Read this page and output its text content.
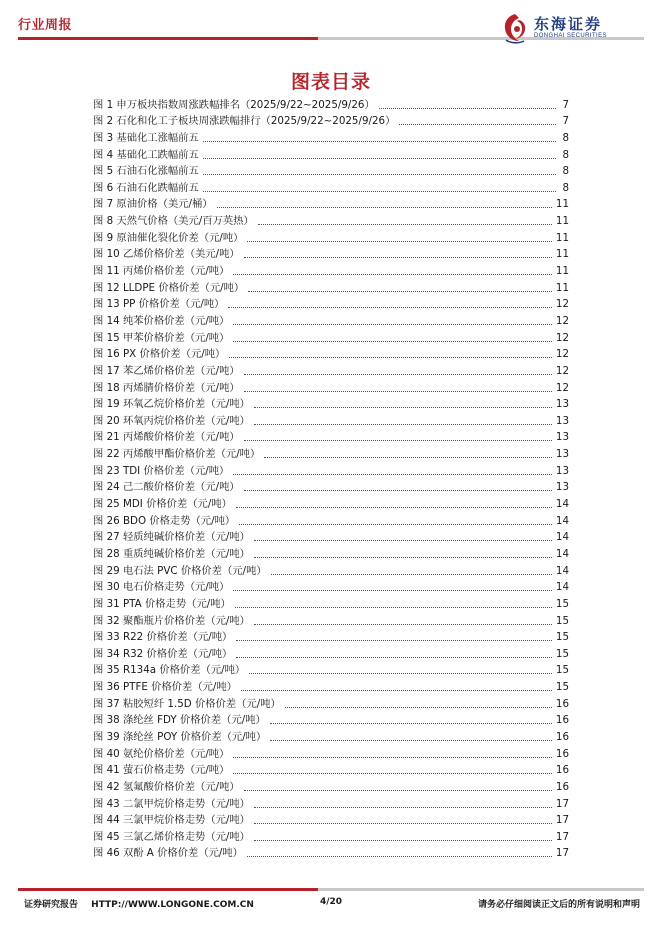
行业周报	东海证券
DONGHAI SECURITIES
图表目录
图 1 申万板块指数周涨跌幅排名（2025/9/22~2025/9/26）	7
图 2 石化和化工子板块周涨跌幅排行（2025/9/22~2025/9/26）	7
图 3 基础化工涨幅前五	8
图 4 基础化工跌幅前五	8
图 5 石油石化涨幅前五	8
图 6 石油石化跌幅前五	8
图 7 原油价格（美元/桶）	11
图 8 天然气价格（美元/百万英热）	11
图 9 原油催化裂化价差（元/吨）	11
图 10 乙烯价格价差（美元/吨）	11
图 11 丙烯价格价差（元/吨）	11
图 12 LLDPE 价格价差（元/吨）	11
图 13 PP 价格价差（元/吨）	12
图 14 纯苯价格价差（元/吨）	12
图 15 甲苯价格价差（元/吨）	12
图 16 PX 价格价差（元/吨）	12
图 17 苯乙烯价格价差（元/吨）	12
图 18 丙烯腈价格价差（元/吨）	12
图 19 环氧乙烷价格价差（元/吨）	13
图 20 环氧丙烷价格价差（元/吨）	13
图 21 丙烯酸价格价差（元/吨）	13
图 22 丙烯酸甲酯价格价差（元/吨）	13
图 23 TDI 价格价差（元/吨）	13
图 24 己二酸价格价差（元/吨）	13
图 25 MDI 价格价差（元/吨）	14
图 26 BDO 价格走势（元/吨）	14
图 27 轻质纯碱价格价差（元/吨）	14
图 28 重质纯碱价格价差（元/吨）	14
图 29 电石法 PVC 价格价差（元/吨）	14
图 30 电石价格走势（元/吨）	14
图 31 PTA 价格走势（元/吨）	15
图 32 聚酯瓶片价格价差（元/吨）	15
图 33 R22 价格价差（元/吨）	15
图 34 R32 价格价差（元/吨）	15
图 35 R134a 价格价差（元/吨）	15
图 36 PTFE 价格价差（元/吨）	15
图 37 粘胶短纤 1.5D 价格价差（元/吨）	16
图 38 涤纶丝 FDY 价格价差（元/吨）	16
图 39 涤纶丝 POY 价格价差（元/吨）	16
图 40 氨纶价格价差（元/吨）	16
图 41 萤石价格走势（元/吨）	16
图 42 氢氟酸价格价差（元/吨）	16
图 43 二氯甲烷价格走势（元/吨）	17
图 44 三氯甲烷价格走势（元/吨）	17
图 45 三氯乙烯价格走势（元/吨）	17
图 46 双酚 A 价格价差（元/吨）	17
证券研究报告 HTTP://WWW.LONGONE.COM.CN	4/20	请务必仔细阅读正文后的所有说明和声明
